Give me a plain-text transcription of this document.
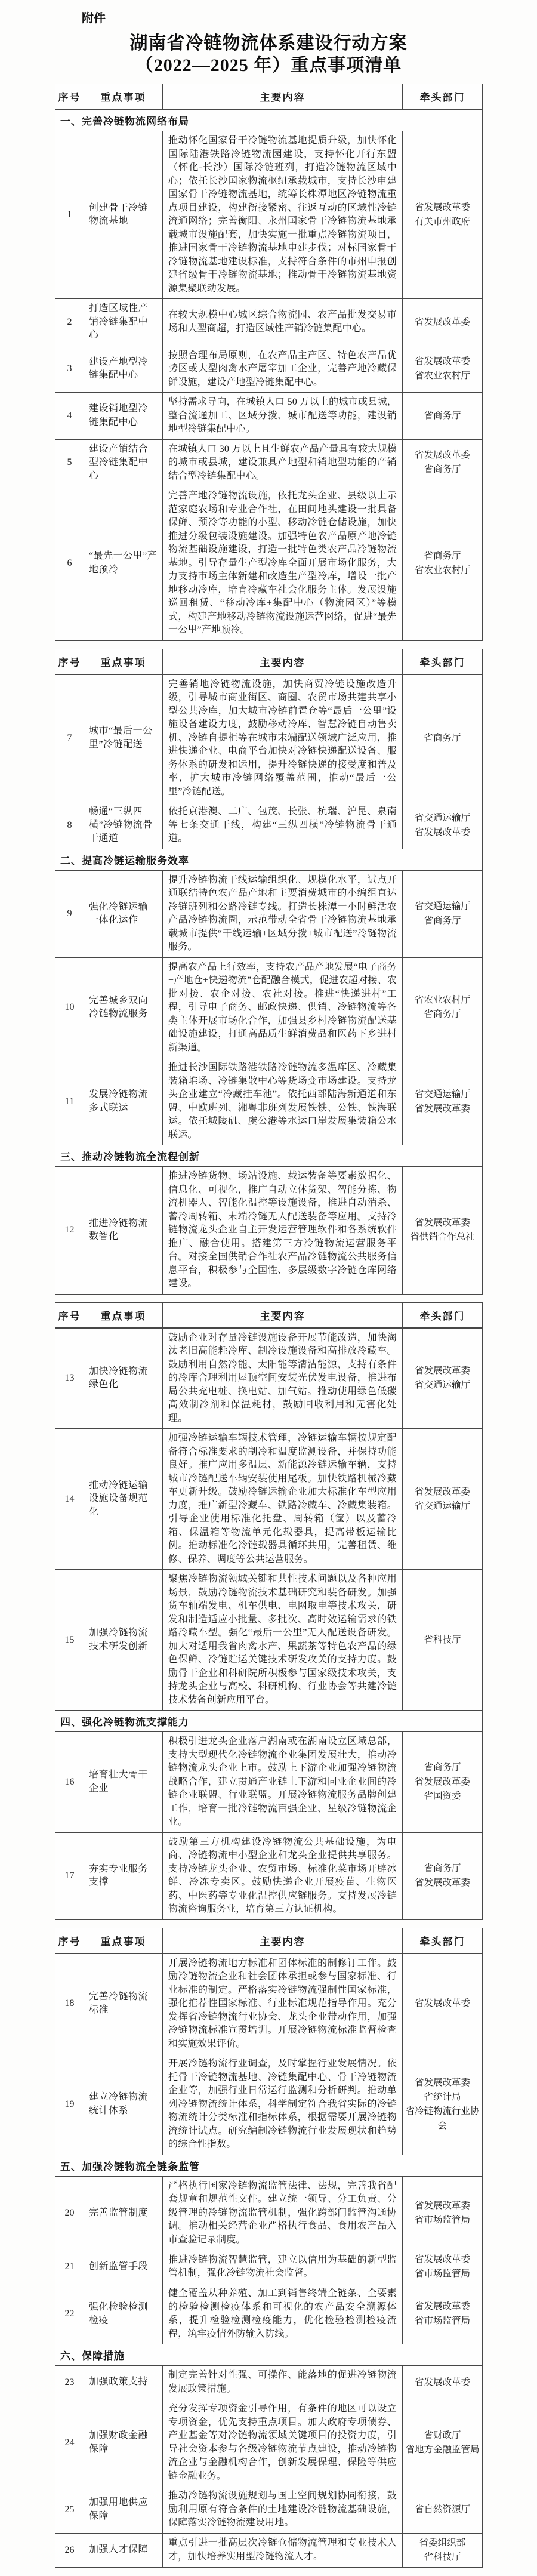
附件
湖南省冷链物流体系建设行动方案
（2022—2025 年）重点事项清单
序号	重点事项	主要内容	牵头部门
一、完善冷链物流网络布局			
1	创建骨干冷链物流基地	推动怀化国家骨干冷链物流基地提质升级，加快怀化国际陆港铁路冷链物流园建设，支持怀化开行东盟（怀化-长沙）国际冷链班列，打造冷链物流区域中心；依托长沙国家物流枢纽承载城市，支持长沙申建国家骨干冷链物流基地，统筹长株潭地区冷链物流重点项目建设，构建衔接紧密、往返互动的区域性冷链流通网络；完善衡阳、永州国家骨干冷链物流基地承载城市设施配套，加快实施一批重点冷链物流项目，推进国家骨干冷链物流基地申建步伐；对标国家骨干冷链物流基地建设标准，支持符合条件的市州申报创建省级骨干冷链物流基地；推动骨干冷链物流基地资源集聚联动发展。	省发展改革委
有关市州政府

2	打造区域性产销冷链集配中心	在较大规模中心城区综合物流园、农产品批发交易市场和大型商超，打造区域性产销冷链集配中心。	省发展改革委

3	建设产地型冷链集配中心	按照合理布局原则，在农产品主产区、特色农产品优势区或大型肉禽水产屠宰加工企业，完善产地冷藏保鲜设施，建设产地型冷链集配中心。	省发展改革委
省农业农村厅

4	建设销地型冷链集配中心	坚持需求导向，在城镇人口 50 万以上的城市或县城，整合流通加工、区域分拨、城市配送等功能，建设销地型冷链集配中心。	省商务厅

5	建设产销结合型冷链集配中心	在城镇人口 30 万以上且生鲜农产品产量具有较大规模的城市或县城，建设兼具产地型和销地型功能的产销结合型冷链集配中心。	省发展改革委
省商务厅

6	“最先一公里”产地预冷	完善产地冷链物流设施，依托龙头企业、县级以上示范家庭农场和专业合作社，在田间地头建设一批具备保鲜、预冷等功能的小型、移动冷链仓储设施，加快推进分级包装设施建设。加强特色农产品原产地冷链物流基础设施建设，打造一批特色类农产品冷链物流基地。引导存量生产型冷库全面开展市场化服务，大力支持市场主体新建和改造生产型冷库，增设一批产地移动冷库，培育冷藏车社会化服务主体。发展设施巡回租赁、“移动冷库+集配中心（物流园区）”等模式，构建产地移动冷链物流设施运营网络，促进“最先一公里”产地预冷。	省商务厅
省农业农村厅
序号	重点事项	主要内容	牵头部门
7	城市“最后一公里”冷链配送	完善销地冷链物流设施，加快商贸冷链设施改造升级，引导城市商业街区、商圈、农贸市场共建共享小型公共冷库，加大城市冷链前置仓等“最后一公里”设施设备建设力度，鼓励移动冷库、智慧冷链自动售卖机、冷链自提柜等在城市末端配送领域广泛应用，推进快递企业、电商平台加快对冷链快递配送设备、服务体系的研发和运用，提升冷链快递的接受度和普及率，扩大城市冷链网络覆盖范围，推动“最后一公里”冷链配送。	省商务厅

8	畅通“三纵四横”冷链物流骨干通道	依托京港澳、二广、包茂、长张、杭瑞、沪昆、泉南等七条交通干线，构建“三纵四横”冷链物流骨干通道。	省交通运输厅
省发展改革委

二、提高冷链运输服务效率			
9	强化冷链运输一体化运作	提升冷链物流干线运输组织化、规模化水平，试点开通联结特色农产品产地和主要消费城市的小编组直达冷链班列和公路冷链专线。打造长株潭一小时鲜活农产品冷链物流圈，示范带动全省骨干冷链物流基地承载城市提供“干线运输+区域分拨+城市配送”冷链物流服务。	省交通运输厅
省商务厅

10	完善城乡双向冷链物流服务	提高农产品上行效率，支持农产品产地发展“电子商务+产地仓+快递物流”仓配融合模式，促进农超对接、农批对接、农企对接、农社对接。推进“快递进村”工程，引导电子商务、邮政快递、供销、冷链物流等各类主体开展市场化合作，加强县乡村冷链物流配送基础设施建设，打通高品质生鲜消费品和医药下乡进村新渠道。	省农业农村厅
省商务厅

11	发展冷链物流多式联运	推进长沙国际铁路港铁路冷链物流多温库区、冷藏集装箱堆场、冷链集散中心等货场变市场建设。支持龙头企业建立“冷藏挂车池”。依托西部陆海新通道和东盟、中欧班列、湘粤非班列发展铁铁、公铁、铁海联运。依托城陵矶、虞公港等水运口岸发展集装箱公水联运。	省交通运输厅
省发展改革委

三、推动冷链物流全流程创新			
12	推进冷链物流数智化	推进冷链货物、场站设施、载运装备等要素数据化、信息化、可视化，推广自动立体货架、智能分拣、物流机器人、智能化温控等设施设备，推进自动消杀、蓄冷周转箱、末端冷链无人配送装备等应用。支持冷链物流龙头企业自主开发运营管理软件和各系统软件推广、融合使用。搭建第三方冷链物流运营服务平台。对接全国供销合作社农产品冷链物流公共服务信息平台，积极参与全国性、多层级数字冷链仓库网络建设。	省发展改革委
省供销合作总社
序号	重点事项	主要内容	牵头部门
13	加快冷链物流绿色化	鼓励企业对存量冷链设施设备开展节能改造，加快淘汰老旧高能耗冷库、制冷设施设备和高排放冷藏车。鼓励利用自然冷能、太阳能等清洁能源，支持有条件的冷库合理利用屋顶空间安装光伏发电设备，推进布局公共充电桩、换电站、加气站。推动使用绿色低碳高效制冷剂和保温耗材，鼓励回收利用和无害化处理。	省发展改革委
省交通运输厅

14	推动冷链运输设施设备规范化	加强冷链运输车辆技术管理，冷链运输车辆按规定配备符合标准要求的制冷和温度监测设备，并保持功能良好。推广应用多温层、新能源冷链运输车辆，支持城市冷链配送车辆安装使用尾板。加快铁路机械冷藏车更新升级。鼓励冷链运输企业加大标准化车型应用力度，推广新型冷藏车、铁路冷藏车、冷藏集装箱。引导企业使用标准化托盘、周转箱（筐）以及蓄冷箱、保温箱等物流单元化载器具，提高带板运输比例。推动标准化冷链载器具循环共用，完善租赁、维修、保养、调度等公共运营服务。	省发展改革委
省交通运输厅

15	加强冷链物流技术研发创新	聚焦冷链物流领域关键和共性技术问题以及各种应用场景，鼓励冷链物流技术基础研究和装备研发。加强货车轴端发电、机车供电、电网取电等技术攻关，研发和制造适应小批量、多批次、高时效运输需求的铁路冷藏车型。强化“最后一公里”无人配送设备研发。加大对适用我省肉禽水产、果蔬茶等特色农产品的绿色保鲜、冷链贮运关键技术研发攻关的支持力度。鼓励骨干企业和科研院所积极参与国家级技术攻关，支持龙头企业与高校、科研机构、行业协会等共建冷链技术装备创新应用平台。	省科技厅

四、强化冷链物流支撑能力			
16	培育壮大骨干企业	积极引进龙头企业落户湖南或在湖南设立区域总部，支持大型现代化冷链物流企业集团发展壮大，推动冷链物流龙头企业上市。鼓励上下游企业加强冷链物流战略合作，建立贯通产业链上下游和同业企业间的冷链企业联盟、行业联盟。开展冷链物流服务品牌创建工作，培育一批冷链物流百强企业、星级冷链物流企业。	省商务厅
省发展改革委
省国资委

17	夯实专业服务支撑	鼓励第三方机构建设冷链物流公共基础设施，为电商、冷链物流中小型企业和龙头企业提供共享服务。支持冷链龙头企业、农贸市场、标准化菜市场开辟冰鲜、冷冻专卖区。鼓励快递企业开展疫苗、生物医药、中医药等专业化温控供应链服务。支持发展冷链物流咨询服务业，培育第三方认证机构。	省商务厅
省发展改革委
序号	重点事项	主要内容	牵头部门
18	完善冷链物流标准	开展冷链物流地方标准和团体标准的制修订工作。鼓励冷链物流企业和社会团体承担或参与国家标准、行业标准的制定。严格落实冷链物流强制性国家标准，强化推荐性国家标准、行业标准规范指导作用。充分发挥省冷链物流行业协会、龙头企业带动作用，加强冷链物流标准宣贯培训。开展冷链物流标准监督检查和实施效果评价。	省发展改革委

19	建立冷链物流统计体系	开展冷链物流行业调查，及时掌握行业发展情况。依托骨干冷链物流基地、冷链集配中心、骨干冷链物流企业等，加强行业日常运行监测和分析研判。推动单列冷链物流统计体系，科学制定符合我省实际的冷链物流统计分类标准和指标体系，根据需要开展冷链物流统计试点。研究编制冷链物流行业发展现状和趋势的综合性指数。	省发展改革委
省统计局
省冷链物流行业协会

五、加强冷链物流全链条监管			
20	完善监管制度	严格执行国家冷链物流监管法律、法规，完善我省配套规章和规范性文件。建立统一领导、分工负责、分级管理的冷链物流监管机制，强化跨部门监管沟通协调。推动相关经营企业严格执行食品、食用农产品入市查验记录制度。	省发展改革委
省市场监管局

21	创新监管手段	推进冷链物流智慧监管，建立以信用为基础的新型监管机制，强化冷链物流社会监督。	省发展改革委
省市场监管局

22	强化检验检测检疫	健全覆盖从种养殖、加工到销售终端全链条、全要素的检验检测检疫体系和可视化的农产品安全溯源体系，提升检验检测检疫能力，优化检验检测检疫流程，筑牢疫情外防输入防线。	省发展改革委
省市场监管局

六、保障措施			
23	加强政策支持	制定完善针对性强、可操作、能落地的促进冷链物流发展政策措施。	省发展改革委

24	加强财政金融保障	充分发挥专项资金引导作用，有条件的地区可以设立专项资金，优先支持重点项目。加大政府专项债券、产业基金等对冷链物流领域关键项目的投资力度，引导社会资本参与各级冷链物流节点建设，推动冷链物流企业与金融机构合作，创新发展保理、保险等供应链金融业务。	省财政厅
省地方金融监管局

25	加强用地供应保障	推动冷链物流设施规划与国土空间规划协同衔接，鼓励利用原有符合条件的土地建设冷链物流基础设施，保障落实冷链物流建设用地。	省自然资源厅

26	加强人才保障	重点引进一批高层次冷链仓储物流管理和专业技术人才，加快培养实用型冷链物流人才。	省委组织部
省科技厅
